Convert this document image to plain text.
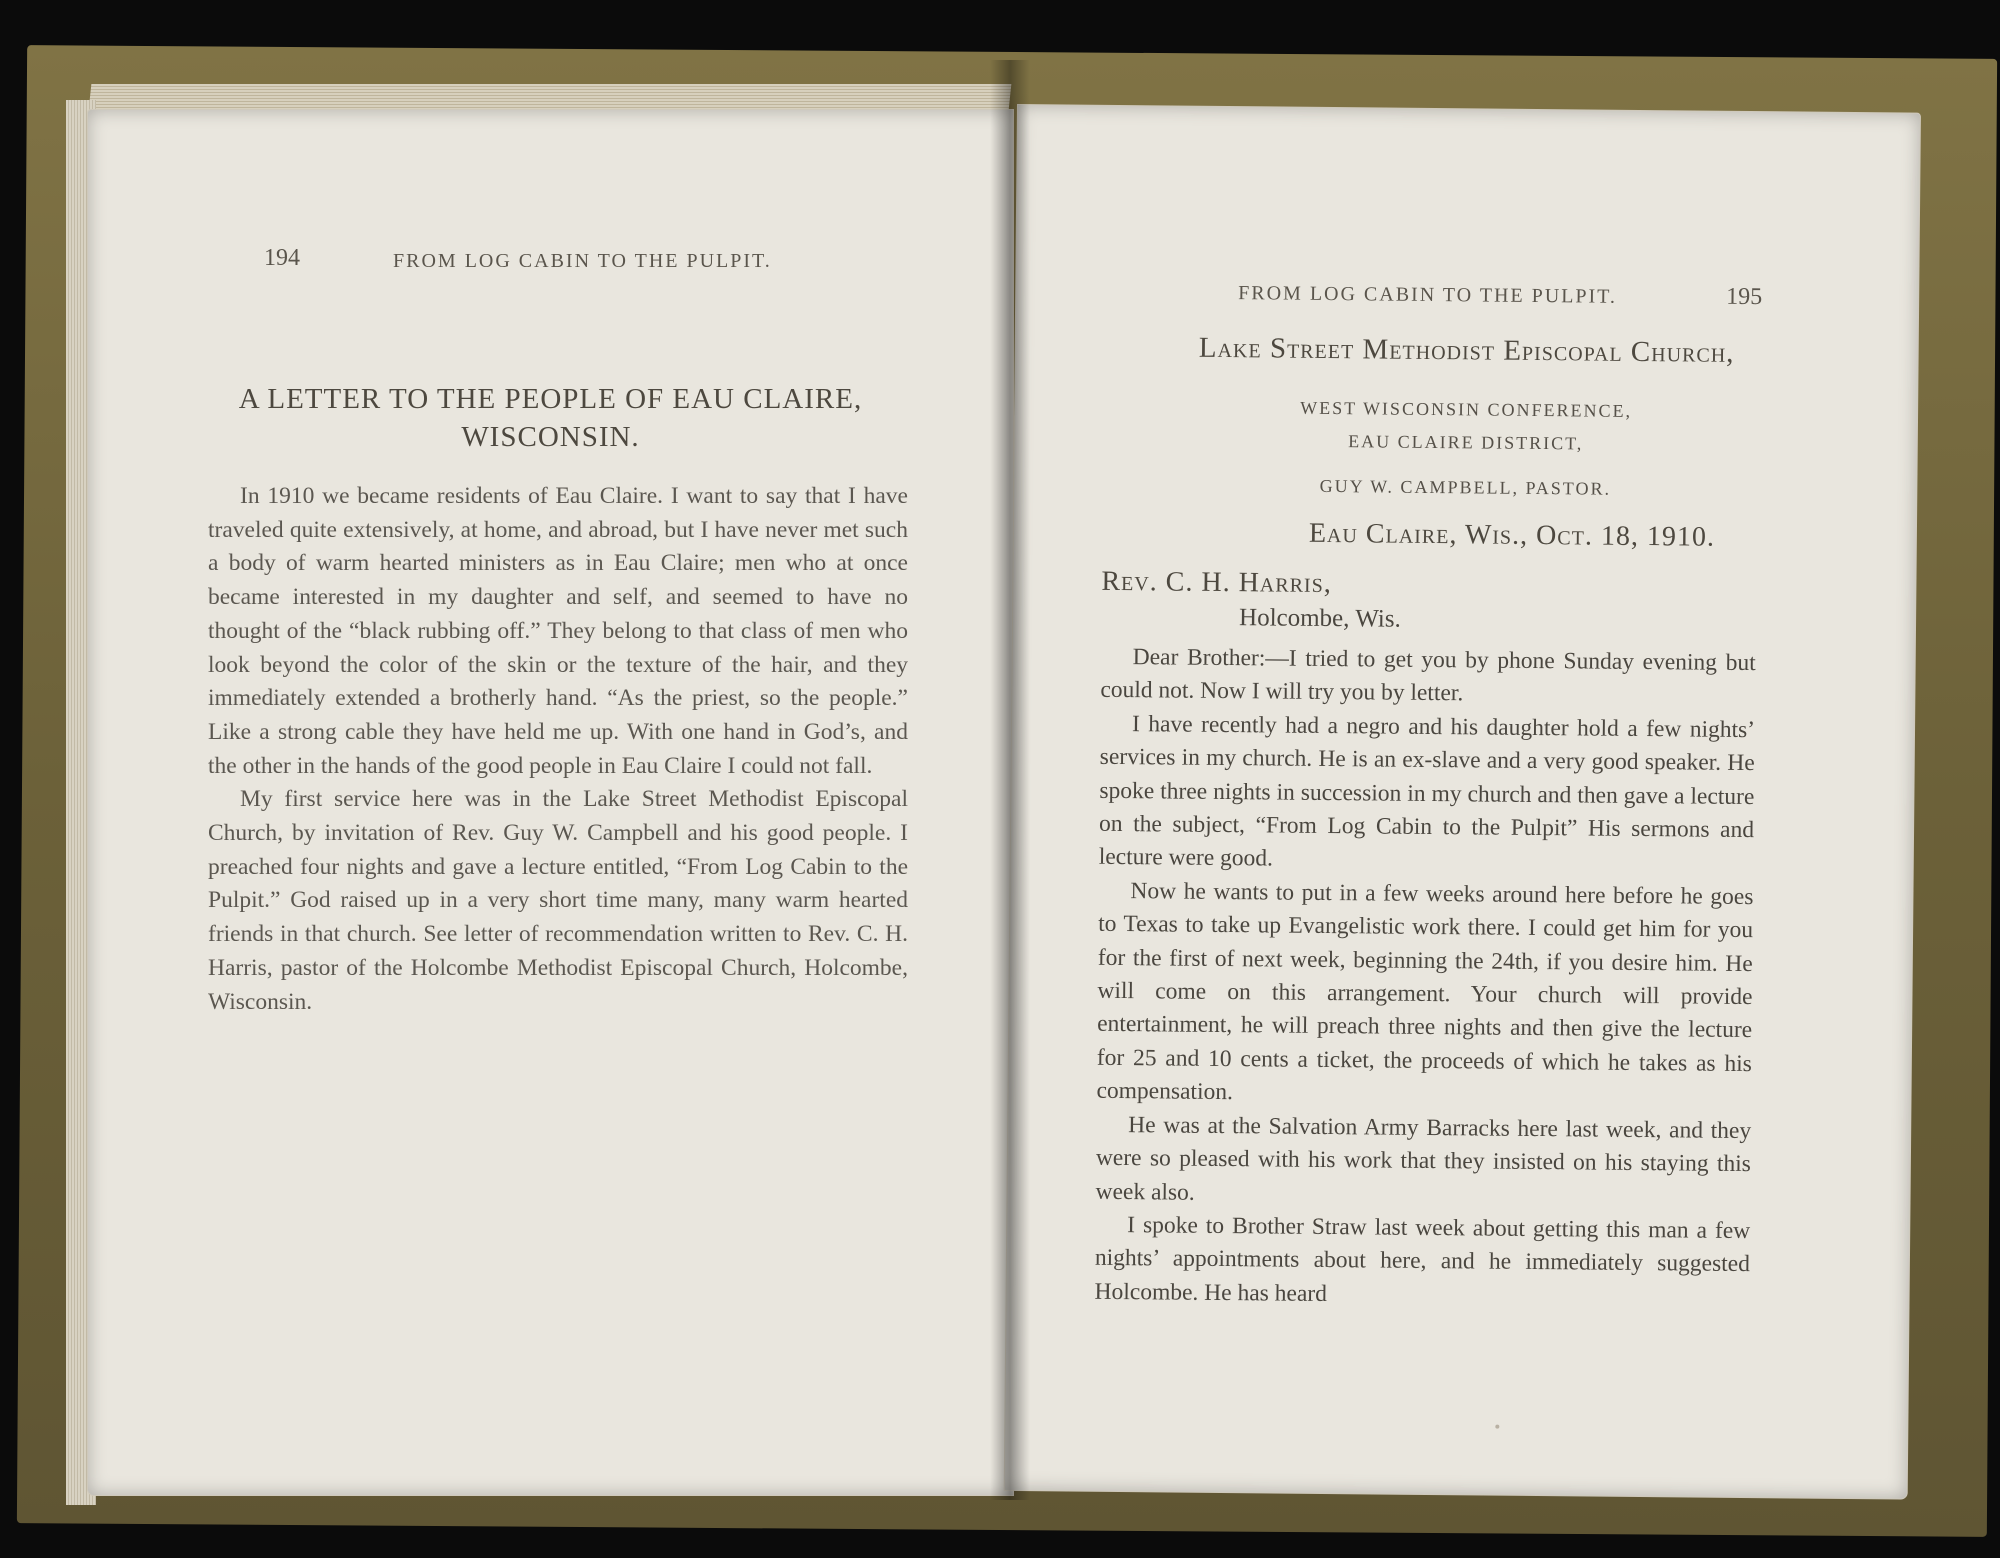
194	FROM LOG CABIN TO THE PULPIT.
A LETTER TO THE PEOPLE OF EAU CLAIRE,
WISCONSIN.

In 1910 we became residents of Eau Claire. I want to say that I have traveled quite extensively, at home, and abroad, but I have never met such a body of warm hearted ministers as in Eau Claire; men who at once became interested in my daughter and self, and seemed to have no thought of the “black rubbing off.” They belong to that class of men who look beyond the color of the skin or the texture of the hair, and they immediately extended a brotherly hand. “As the priest, so the people.” Like a strong cable they have held me up. With one hand in God’s, and the other in the hands of the good people in Eau Claire I could not fall.

My first service here was in the Lake Street Methodist Episcopal Church, by invitation of Rev. Guy W. Campbell and his good people. I preached four nights and gave a lecture entitled, “From Log Cabin to the Pulpit.” God raised up in a very short time many, many warm hearted friends in that church. See letter of recommendation written to Rev. C. H. Harris, pastor of the Holcombe Methodist Episcopal Church, Holcombe, Wisconsin.

FROM LOG CABIN TO THE PULPIT.	195
Lake Street Methodist Episcopal Church,
WEST WISCONSIN CONFERENCE,
EAU CLAIRE DISTRICT,
GUY W. CAMPBELL, PASTOR.
Eau Claire, Wis., Oct. 18, 1910.
Rev. C. H. Harris,
Holcombe, Wis.

Dear Brother:—I tried to get you by phone Sunday evening but could not. Now I will try you by letter.

I have recently had a negro and his daughter hold a few nights’ services in my church. He is an ex-slave and a very good speaker. He spoke three nights in succession in my church and then gave a lecture on the subject, “From Log Cabin to the Pulpit” His sermons and lecture were good.

Now he wants to put in a few weeks around here before he goes to Texas to take up Evangelistic work there. I could get him for you for the first of next week, beginning the 24th, if you desire him. He will come on this arrangement. Your church will provide entertainment, he will preach three nights and then give the lecture for 25 and 10 cents a ticket, the proceeds of which he takes as his compensation.

He was at the Salvation Army Barracks here last week, and they were so pleased with his work that they insisted on his staying this week also.

I spoke to Brother Straw last week about getting this man a few nights’ appointments about here, and he immediately suggested Holcombe. He has heard
